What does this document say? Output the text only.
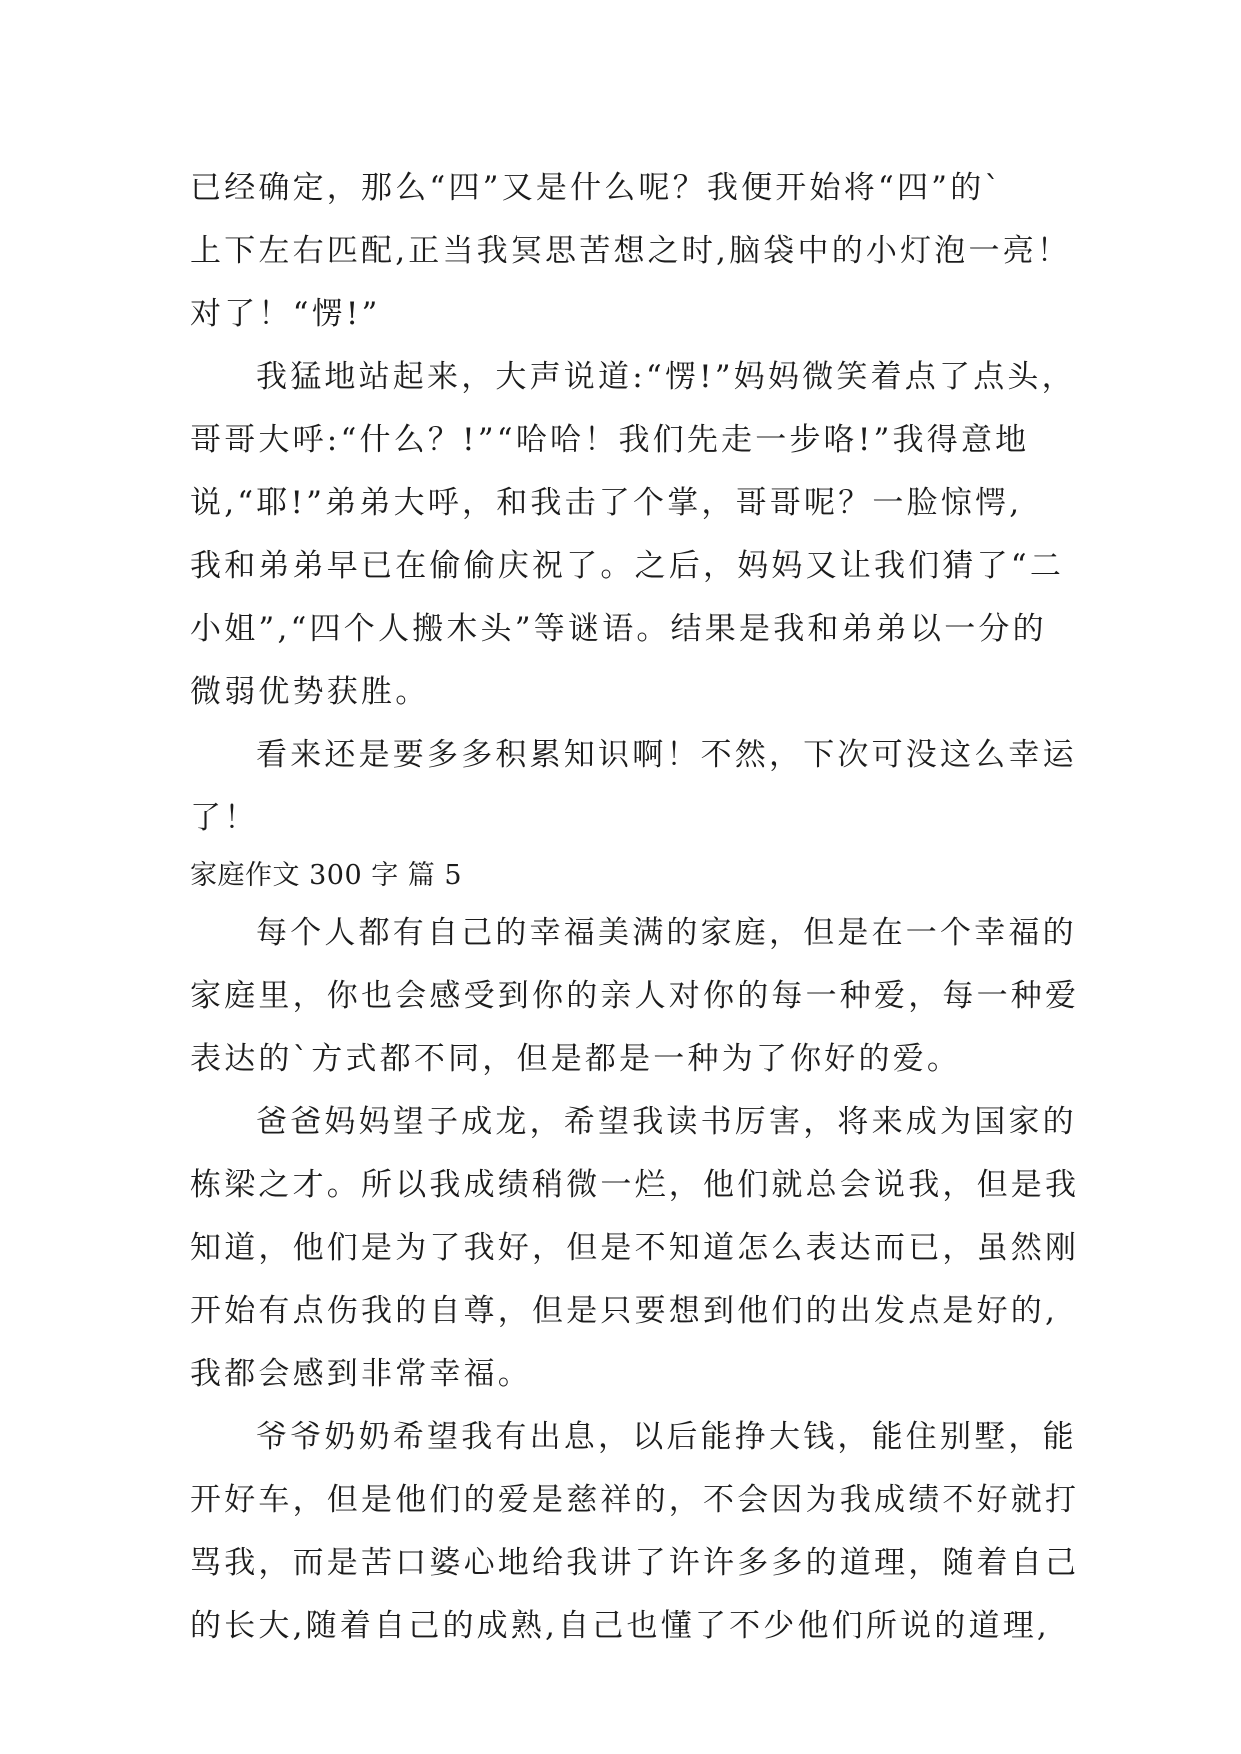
已经确定，那么“四”又是什么呢？我便开始将“四”的`
上下左右匹配,正当我冥思苦想之时,脑袋中的小灯泡一亮！
对了！“愣!”
我猛地站起来，大声说道:“愣!”妈妈微笑着点了点头，
哥哥大呼:“什么？!”“哈哈！我们先走一步咯!”我得意地
说,“耶!”弟弟大呼，和我击了个掌，哥哥呢？一脸惊愕,
我和弟弟早已在偷偷庆祝了。之后，妈妈又让我们猜了“二
小姐”,“四个人搬木头”等谜语。结果是我和弟弟以一分的
微弱优势获胜。
看来还是要多多积累知识啊！不然，下次可没这么幸运
了！
家庭作文 300 字 篇 5
每个人都有自己的幸福美满的家庭，但是在一个幸福的
家庭里，你也会感受到你的亲人对你的每一种爱，每一种爱
表达的`方式都不同，但是都是一种为了你好的爱。
爸爸妈妈望子成龙，希望我读书厉害，将来成为国家的
栋梁之才。所以我成绩稍微一烂，他们就总会说我，但是我
知道，他们是为了我好，但是不知道怎么表达而已，虽然刚
开始有点伤我的自尊，但是只要想到他们的出发点是好的,
我都会感到非常幸福。
爷爷奶奶希望我有出息，以后能挣大钱，能住别墅，能
开好车，但是他们的爱是慈祥的，不会因为我成绩不好就打
骂我，而是苦口婆心地给我讲了许许多多的道理，随着自己
的长大,随着自己的成熟,自己也懂了不少他们所说的道理,
